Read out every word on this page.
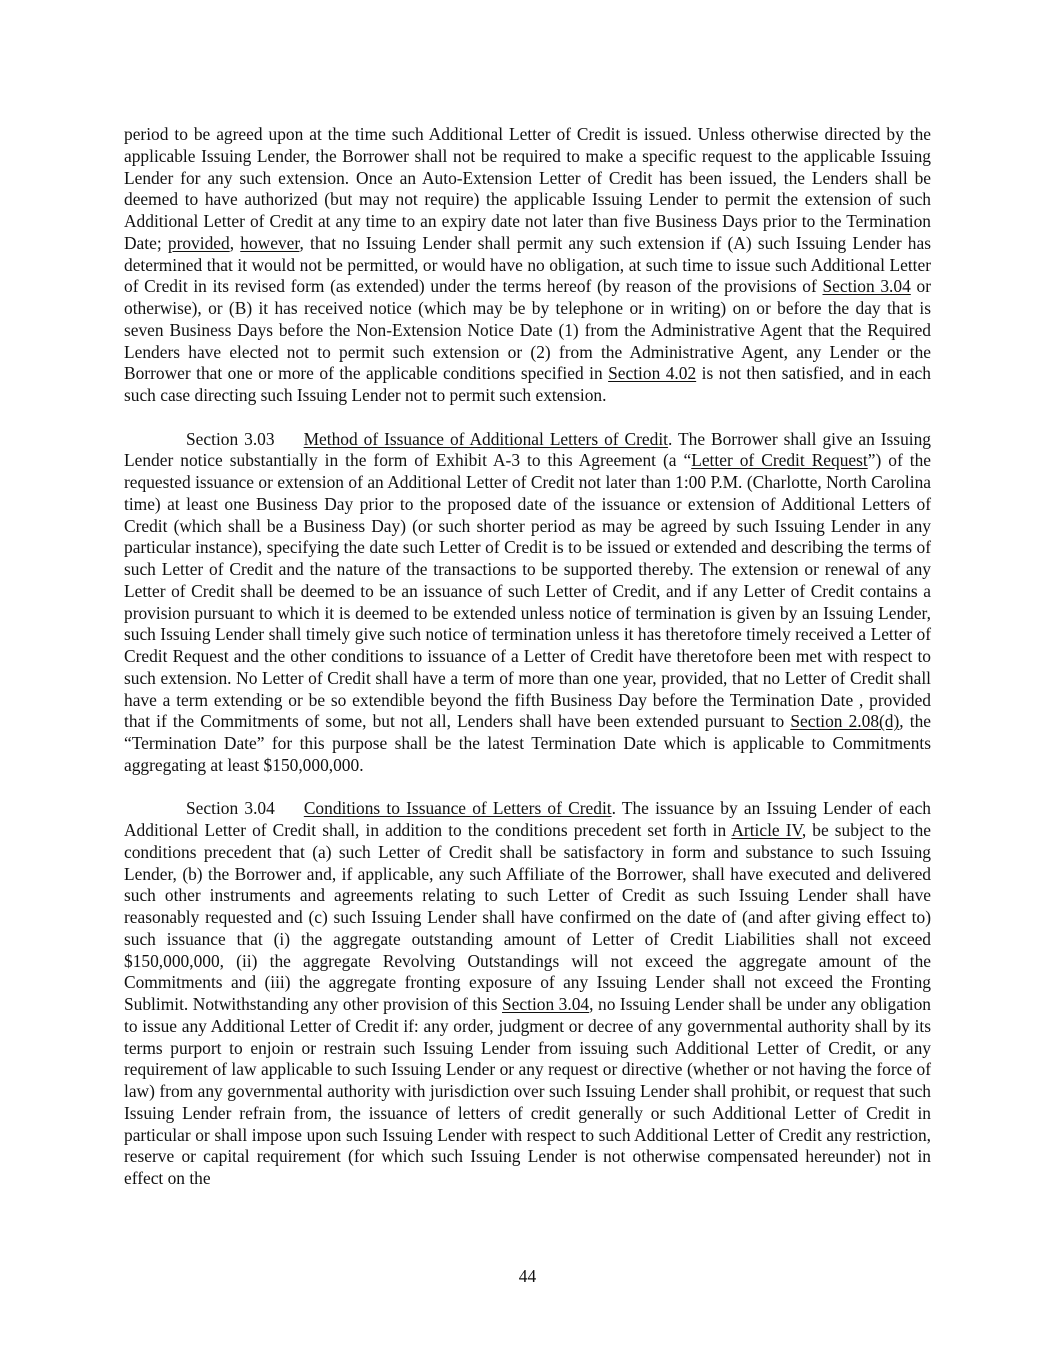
period to be agreed upon at the time such Additional Letter of Credit is issued. Unless otherwise directed by the applicable Issuing Lender, the Borrower shall not be required to make a specific request to the applicable Issuing Lender for any such extension. Once an Auto-Extension Letter of Credit has been issued, the Lenders shall be deemed to have authorized (but may not require) the applicable Issuing Lender to permit the extension of such Additional Letter of Credit at any time to an expiry date not later than five Business Days prior to the Termination Date; provided, however, that no Issuing Lender shall permit any such extension if (A) such Issuing Lender has determined that it would not be permitted, or would have no obligation, at such time to issue such Additional Letter of Credit in its revised form (as extended) under the terms hereof (by reason of the provisions of Section 3.04 or otherwise), or (B) it has received notice (which may be by telephone or in writing) on or before the day that is seven Business Days before the Non-Extension Notice Date (1) from the Administrative Agent that the Required Lenders have elected not to permit such extension or (2) from the Administrative Agent, any Lender or the Borrower that one or more of the applicable conditions specified in Section 4.02 is not then satisfied, and in each such case directing such Issuing Lender not to permit such extension.

Section 3.03 Method of Issuance of Additional Letters of Credit. The Borrower shall give an Issuing Lender notice substantially in the form of Exhibit A-3 to this Agreement (a “Letter of Credit Request”) of the requested issuance or extension of an Additional Letter of Credit not later than 1:00 P.M. (Charlotte, North Carolina time) at least one Business Day prior to the proposed date of the issuance or extension of Additional Letters of Credit (which shall be a Business Day) (or such shorter period as may be agreed by such Issuing Lender in any particular instance), specifying the date such Letter of Credit is to be issued or extended and describing the terms of such Letter of Credit and the nature of the transactions to be supported thereby. The extension or renewal of any Letter of Credit shall be deemed to be an issuance of such Letter of Credit, and if any Letter of Credit contains a provision pursuant to which it is deemed to be extended unless notice of termination is given by an Issuing Lender, such Issuing Lender shall timely give such notice of termination unless it has theretofore timely received a Letter of Credit Request and the other conditions to issuance of a Letter of Credit have theretofore been met with respect to such extension. No Letter of Credit shall have a term of more than one year, provided, that no Letter of Credit shall have a term extending or be so extendible beyond the fifth Business Day before the Termination Date , provided that if the Commitments of some, but not all, Lenders shall have been extended pursuant to Section 2.08(d), the “Termination Date” for this purpose shall be the latest Termination Date which is applicable to Commitments aggregating at least $150,000,000.

Section 3.04 Conditions to Issuance of Letters of Credit. The issuance by an Issuing Lender of each Additional Letter of Credit shall, in addition to the conditions precedent set forth in Article IV, be subject to the conditions precedent that (a) such Letter of Credit shall be satisfactory in form and substance to such Issuing Lender, (b) the Borrower and, if applicable, any such Affiliate of the Borrower, shall have executed and delivered such other instruments and agreements relating to such Letter of Credit as such Issuing Lender shall have reasonably requested and (c) such Issuing Lender shall have confirmed on the date of (and after giving effect to) such issuance that (i) the aggregate outstanding amount of Letter of Credit Liabilities shall not exceed $150,000,000, (ii) the aggregate Revolving Outstandings will not exceed the aggregate amount of the Commitments and (iii) the aggregate fronting exposure of any Issuing Lender shall not exceed the Fronting Sublimit. Notwithstanding any other provision of this Section 3.04, no Issuing Lender shall be under any obligation to issue any Additional Letter of Credit if: any order, judgment or decree of any governmental authority shall by its terms purport to enjoin or restrain such Issuing Lender from issuing such Additional Letter of Credit, or any requirement of law applicable to such Issuing Lender or any request or directive (whether or not having the force of law) from any governmental authority with jurisdiction over such Issuing Lender shall prohibit, or request that such Issuing Lender refrain from, the issuance of letters of credit generally or such Additional Letter of Credit in particular or shall impose upon such Issuing Lender with respect to such Additional Letter of Credit any restriction, reserve or capital requirement (for which such Issuing Lender is not otherwise compensated hereunder) not in effect on the

44
